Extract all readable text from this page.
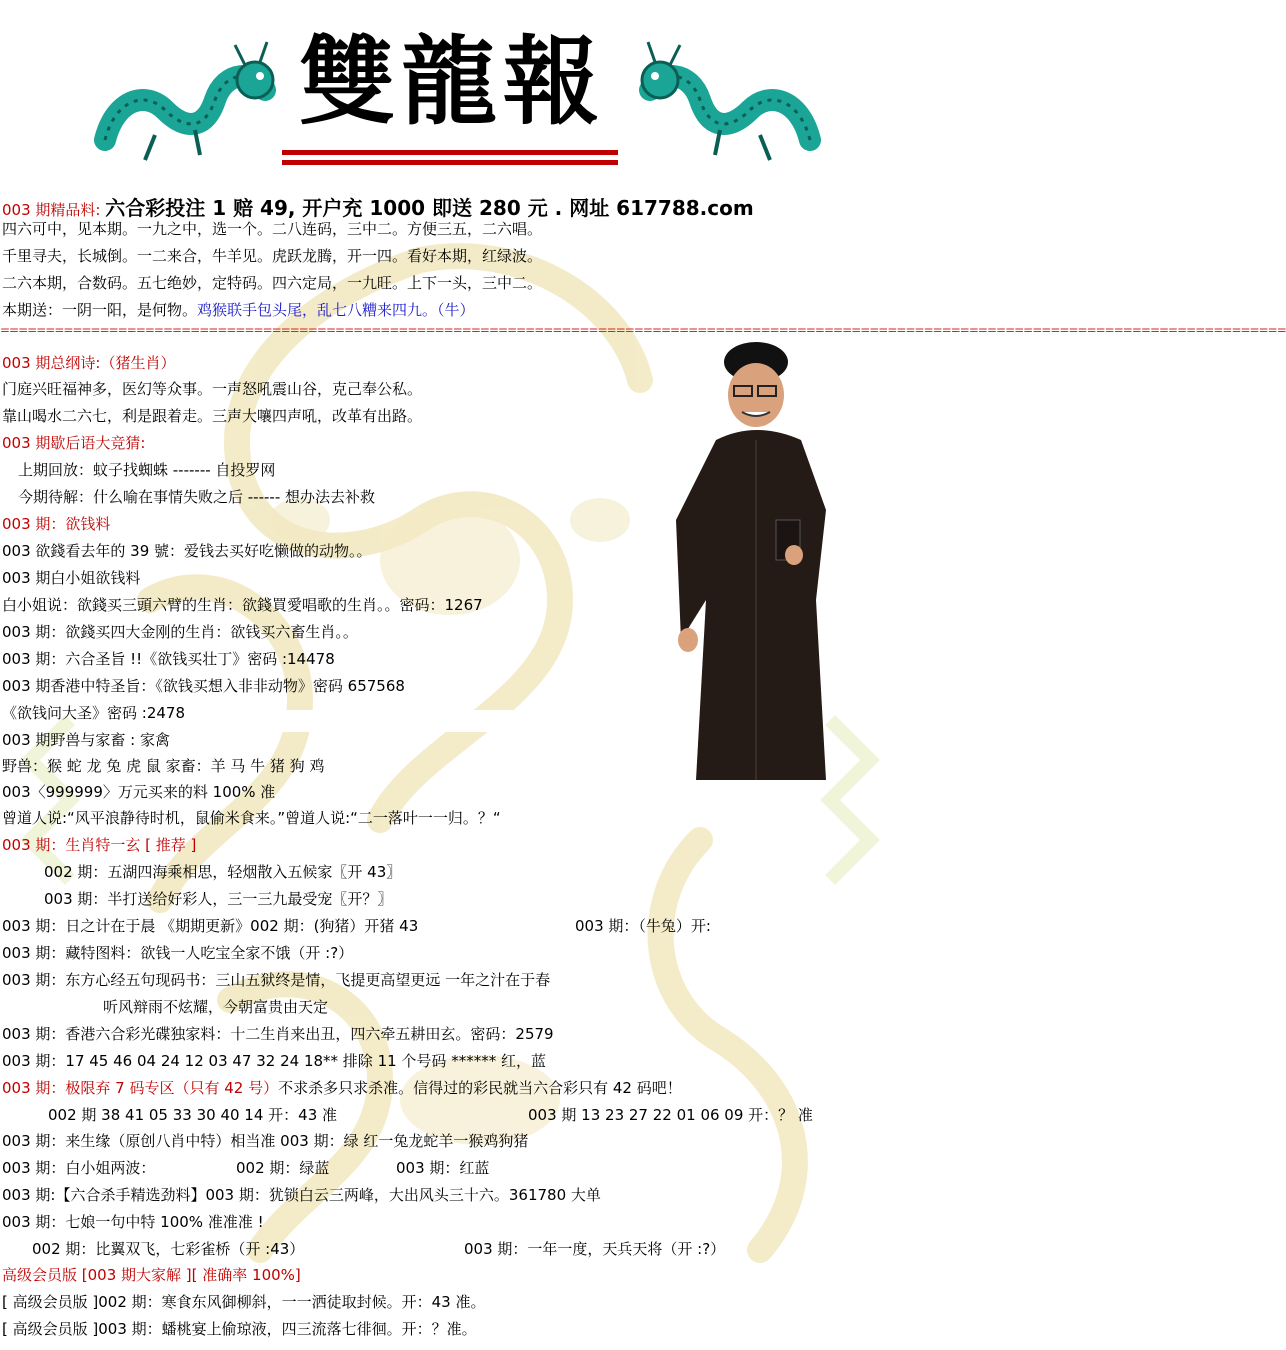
雙龍報
003 期精品料: 六合彩投注 1 赔 49, 开户充 1000 即送 280 元 . 网址 617788.com
四六可中，见本期。一九之中，选一个。二八连码，三中二。方便三五，二六唱。
千里寻夫，长城倒。一二来合，牛羊见。虎跃龙腾，开一四。看好本期，红绿波。
二六本期，合数码。五七绝妙，定特码。四六定局，一九旺。上下一头，三中二。
本期送：一阴一阳，是何物。鸡猴联手包头尾，乱七八糟来四九。（牛）
==============================================================================================================================================
003 期总纲诗:（猪生肖）
门庭兴旺福神多，医幻等众事。一声怒吼震山谷，克己奉公私。
靠山喝水二六七，利是跟着走。三声大嚷四声吼，改革有出路。
003 期歇后语大竞猜:
上期回放：蚊子找蜘蛛 ------- 自投罗网
今期待解：什么喻在事情失败之后 ------ 想办法去补救
003 期：欲钱料
003 欲錢看去年的 39 號：爱钱去买好吃懒做的动物。。
003 期白小姐欲钱料
白小姐说：欲錢买三頭六臂的生肖：欲錢買愛唱歌的生肖。。密码：1267
003 期：欲錢买四大金刚的生肖：欲钱买六畜生肖。。
003 期：六合圣旨 !!《欲钱买壮丁》密码 :14478
003 期香港中特圣旨：《欲钱买想入非非动物》密码 657568
《欲钱问大圣》密码 :2478
003 期野兽与家畜 : 家禽
野兽：猴 蛇 龙 兔 虎 鼠 家畜：羊 马 牛 猪 狗 鸡
003〈999999〉万元买来的料 100% 准
曾道人说:“风平浪静待时机，鼠偷米食来。”曾道人说:“二一落叶一一归。？“
003 期：生肖特一玄 [ 推荐 ]
002 期：五湖四海乘相思，轻烟散入五候家〖开 43〗
003 期：半打送给好彩人，三一三九最受宠〖开？〗
003 期：日之计在于晨 《期期更新》002 期：(狗猪）开猪 43	003 期：（牛兔）开:
003 期：藏特图料：欲钱一人吃宝全家不饿（开 :?）
003 期：东方心经五句现码书：三山五狱终是情，飞提更高望更远 一年之汁在于春
听风辩雨不炫耀，今朝富贵由天定
003 期：香港六合彩光碟独家料：十二生肖来出丑，四六牵五耕田玄。密码：2579
003 期：17 45 46 04 24 12 03 47 32 24 18** 排除 11 个号码 ****** 红，蓝
003 期：极限弃 7 码专区（只有 42 号）不求杀多只求杀准。信得过的彩民就当六合彩只有 42 码吧！
002 期 38 41 05 33 30 40 14 开：43 准	003 期 13 23 27 22 01 06 09 开：？ 准
003 期：来生缘（原创八肖中特）相当准 003 期：绿 红一兔龙蛇羊一猴鸡狗猪
003 期：白小姐两波：	002 期：绿蓝	003 期：红蓝
003 期:【六合杀手精选劲料】003 期：犹锁白云三两峰，大出风头三十六。361780 大单
003 期：七娘一句中特 100% 准准准 !
002 期：比翼双飞，七彩雀桥（开 :43）	003 期：一年一度，天兵天将（开 :?）
高级会员版 [003 期大家解 ][ 准确率 100%]
[ 高级会员版 ]002 期：寒食东风御柳斜，一一洒徒取封候。开：43 准。
[ 高级会员版 ]003 期：蟠桃宴上偷琼液，四三流落七徘徊。开：？准。
